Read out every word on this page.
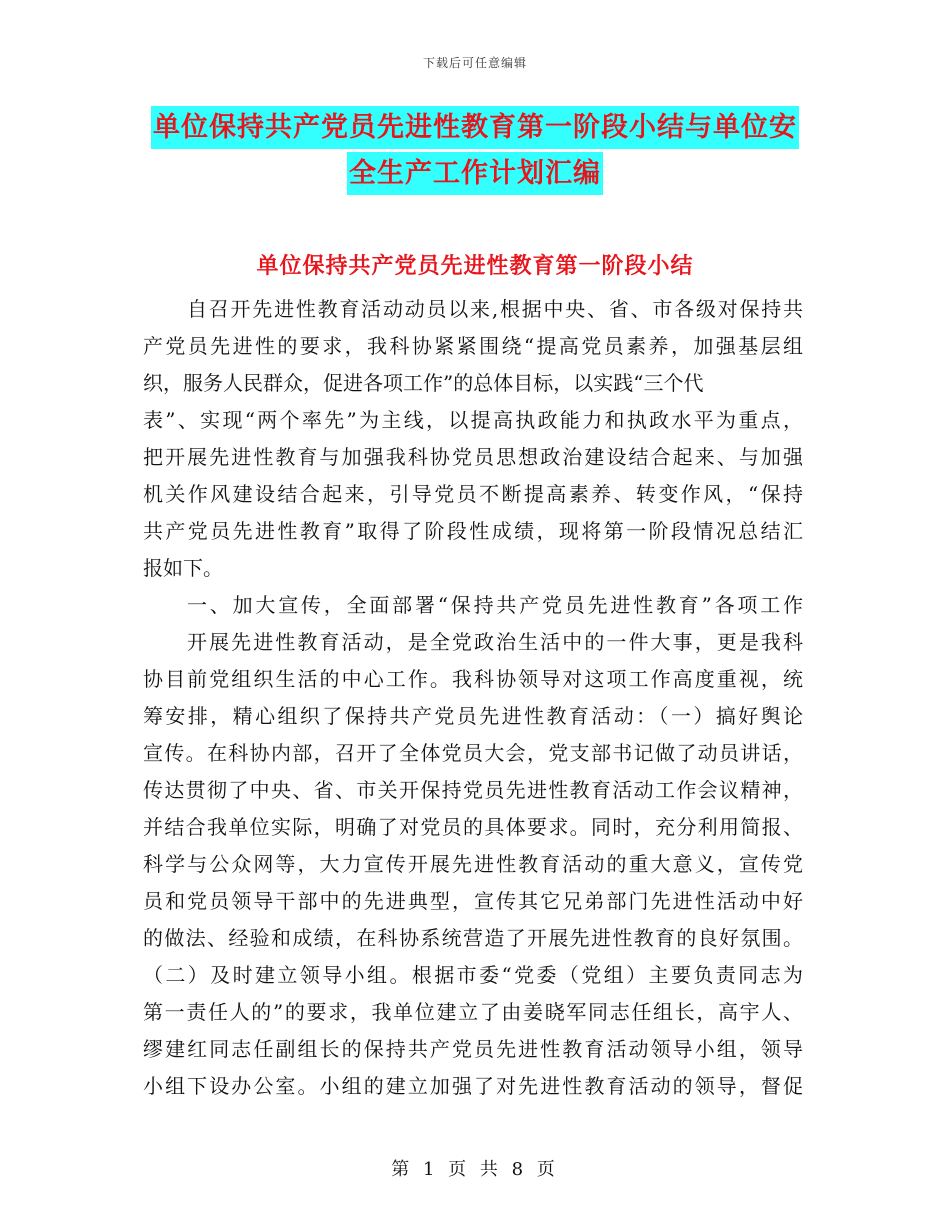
下载后可任意编辑
单位保持共产党员先进性教育第一阶段小结与单位安
全生产工作计划汇编
单位保持共产党员先进性教育第一阶段小结
自召开先进性教育活动动员以来,根据中央、省、市各级对保持共
产党员先进性的要求，我科协紧紧围绕“提高党员素养，加强基层组
织，服务人民群众，促进各项工作”的总体目标，以实践“三个代
表”、实现“两个率先”为主线，以提高执政能力和执政水平为重点，
把开展先进性教育与加强我科协党员思想政治建设结合起来、与加强
机关作风建设结合起来，引导党员不断提高素养、转变作风，“保持
共产党员先进性教育”取得了阶段性成绩，现将第一阶段情况总结汇
报如下。
一、加大宣传，全面部署“保持共产党员先进性教育”各项工作
开展先进性教育活动，是全党政治生活中的一件大事，更是我科
协目前党组织生活的中心工作。我科协领导对这项工作高度重视，统
筹安排，精心组织了保持共产党员先进性教育活动：（一）搞好舆论
宣传。在科协内部，召开了全体党员大会，党支部书记做了动员讲话，
传达贯彻了中央、省、市关开保持党员先进性教育活动工作会议精神，
并结合我单位实际，明确了对党员的具体要求。同时，充分利用简报、
科学与公众网等，大力宣传开展先进性教育活动的重大意义，宣传党
员和党员领导干部中的先进典型，宣传其它兄弟部门先进性活动中好
的做法、经验和成绩，在科协系统营造了开展先进性教育的良好氛围。
（二）及时建立领导小组。根据市委“党委（党组）主要负责同志为
第一责任人的”的要求，我单位建立了由姜晓军同志任组长，高宇人、
缪建红同志任副组长的保持共产党员先进性教育活动领导小组，领导
小组下设办公室。小组的建立加强了对先进性教育活动的领导，督促
第 1 页 共 8 页
